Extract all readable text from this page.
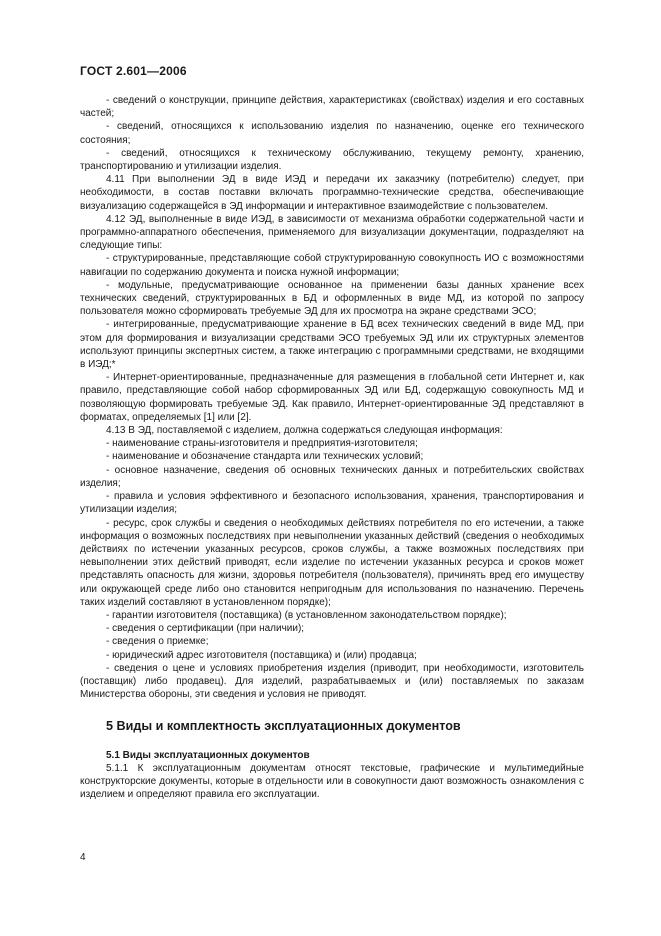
ГОСТ 2.601—2006

- сведений о конструкции, принципе действия, характеристиках (свойствах) изделия и его составных частей;

- сведений, относящихся к использованию изделия по назначению, оценке его технического состояния;

- сведений, относящихся к техническому обслуживанию, текущему ремонту, хранению, транспортированию и утилизации изделия.

4.11 При выполнении ЭД в виде ИЭД и передачи их заказчику (потребителю) следует, при необходимости, в состав поставки включать программно-технические средства, обеспечивающие визуализацию содержащейся в ЭД информации и интерактивное взаимодействие с пользователем.

4.12 ЭД, выполненные в виде ИЭД, в зависимости от механизма обработки содержательной части и программно-аппаратного обеспечения, применяемого для визуализации документации, подразделяют на следующие типы:

- структурированные, представляющие собой структурированную совокупность ИО с возможностями навигации по содержанию документа и поиска нужной информации;

- модульные, предусматривающие основанное на применении базы данных хранение всех технических сведений, структурированных в БД и оформленных в виде МД, из которой по запросу пользователя можно сформировать требуемые ЭД для их просмотра на экране средствами ЭСО;

- интегрированные, предусматривающие хранение в БД всех технических сведений в виде МД, при этом для формирования и визуализации средствами ЭСО требуемых ЭД или их структурных элементов используют принципы экспертных систем, а также интеграцию с программными средствами, не входящими в ИЭД;*

- Интернет-ориентированные, предназначенные для размещения в глобальной сети Интернет и, как правило, представляющие собой набор сформированных ЭД или БД, содержащую совокупность МД и позволяющую формировать требуемые ЭД. Как правило, Интернет-ориентированные ЭД представляют в форматах, определяемых [1] или [2].

4.13 В ЭД, поставляемой с изделием, должна содержаться следующая информация:

- наименование страны-изготовителя и предприятия-изготовителя;

- наименование и обозначение стандарта или технических условий;

- основное назначение, сведения об основных технических данных и потребительских свойствах изделия;

- правила и условия эффективного и безопасного использования, хранения, транспортирования и утилизации изделия;

- ресурс, срок службы и сведения о необходимых действиях потребителя по его истечении, а также информация о возможных последствиях при невыполнении указанных действий (сведения о необходимых действиях по истечении указанных ресурсов, сроков службы, а также возможных последствиях при невыполнении этих действий приводят, если изделие по истечении указанных ресурса и сроков может представлять опасность для жизни, здоровья потребителя (пользователя), причинять вред его имуществу или окружающей среде либо оно становится непригодным для использования по назначению. Перечень таких изделий составляют в установленном порядке);

- гарантии изготовителя (поставщика) (в установленном законодательством порядке);

- сведения о сертификации (при наличии);

- сведения о приемке;

- юридический адрес изготовителя (поставщика) и (или) продавца;

- сведения о цене и условиях приобретения изделия (приводит, при необходимости, изготовитель (поставщик) либо продавец). Для изделий, разрабатываемых и (или) поставляемых по заказам Министерства обороны, эти сведения и условия не приводят.

5 Виды и комплектность эксплуатационных документов

5.1 Виды эксплуатационных документов

5.1.1 К эксплуатационным документам относят текстовые, графические и мультимедийные конструкторские документы, которые в отдельности или в совокупности дают возможность ознакомления с изделием и определяют правила его эксплуатации.

4
